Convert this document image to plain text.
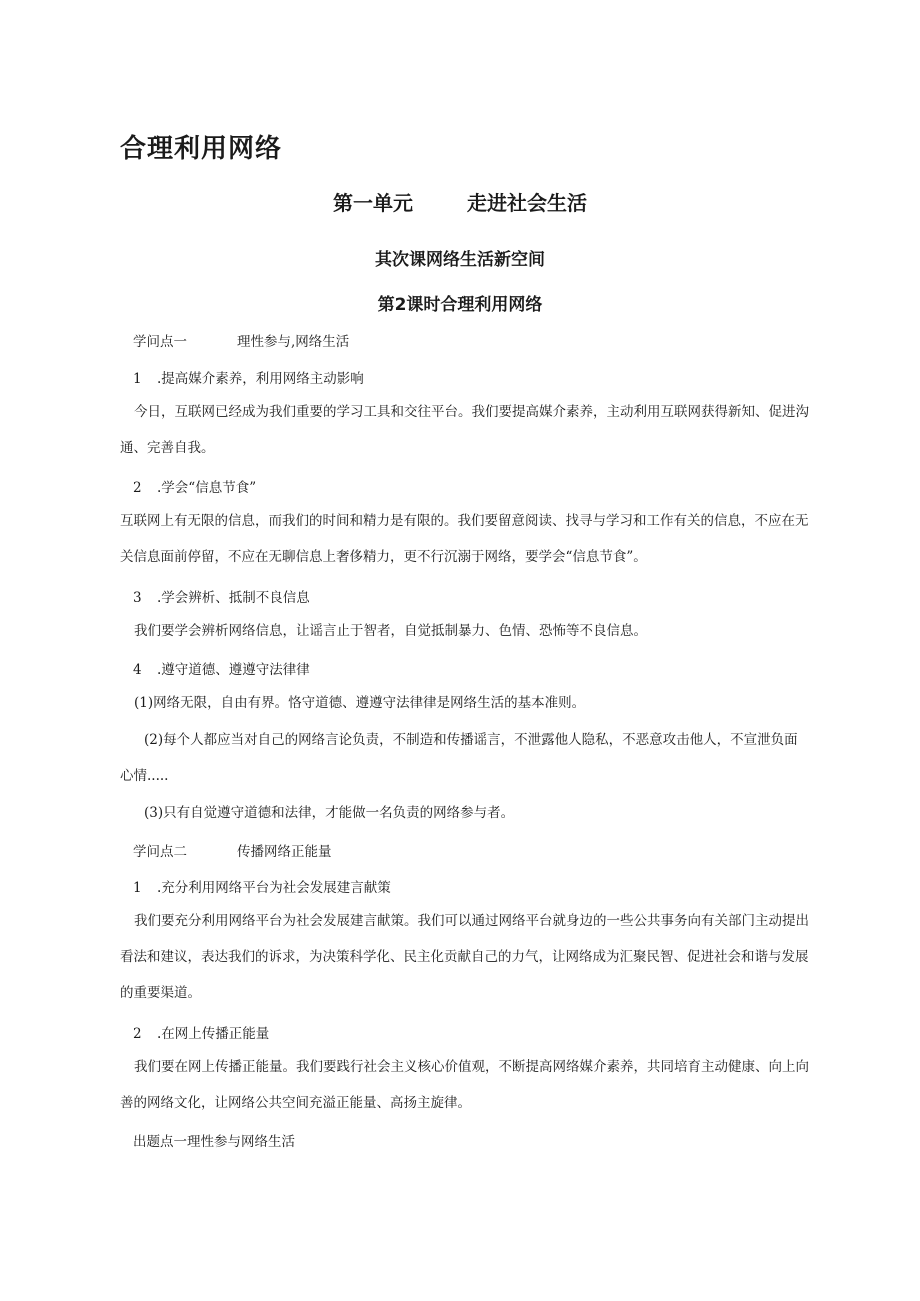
合理利用网络
第一单元	走进社会生活
其次课网络生活新空间
第2课时合理利用网络
学问点一	理性参与,网络生活
1 .提高媒介素养，利用网络主动影响
今日，互联网已经成为我们重要的学习工具和交往平台。我们要提高媒介素养，主动利用互联网获得新知、促进沟通、完善自我。
2 .学会“信息节食”
互联网上有无限的信息，而我们的时间和精力是有限的。我们要留意阅读、找寻与学习和工作有关的信息，不应在无关信息面前停留，不应在无聊信息上奢侈精力，更不行沉溺于网络，要学会“信息节食”。
3 .学会辨析、抵制不良信息
我们要学会辨析网络信息，让谣言止于智者，自觉抵制暴力、色情、恐怖等不良信息。
4 .遵守道德、遵遵守法律律
(1)网络无限，自由有界。恪守道德、遵遵守法律律是网络生活的基本准则。
(2)每个人都应当对自己的网络言论负责，不制造和传播谣言，不泄露他人隐私，不恶意攻击他人，不宣泄负面心情.....
(3)只有自觉遵守道德和法律，才能做一名负责的网络参与者。
学问点二	传播网络正能量
1 .充分利用网络平台为社会发展建言献策
我们要充分利用网络平台为社会发展建言献策。我们可以通过网络平台就身边的一些公共事务向有关部门主动提出看法和建议，表达我们的诉求，为决策科学化、民主化贡献自己的力气，让网络成为汇聚民智、促进社会和谐与发展的重要渠道。
2 .在网上传播正能量
我们要在网上传播正能量。我们要践行社会主义核心价值观，不断提高网络媒介素养，共同培育主动健康、向上向善的网络文化，让网络公共空间充溢正能量、高扬主旋律。
出题点一理性参与网络生活
